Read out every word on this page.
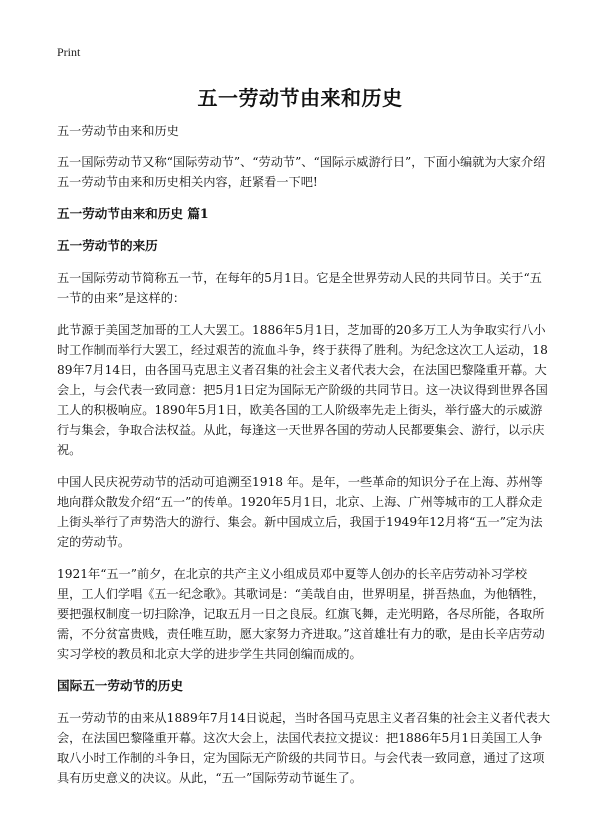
Print
五一劳动节由来和历史

五一劳动节由来和历史

五一国际劳动节又称“国际劳动节”、“劳动节”、“国际示威游行日”，下面小编就为大家介绍五一劳动节由来和历史相关内容，赶紧看一下吧!

五一劳动节由来和历史 篇1
五一劳动节的来历

五一国际劳动节简称五一节，在每年的5月1日。它是全世界劳动人民的共同节日。关于“五一节的由来”是这样的：

此节源于美国芝加哥的工人大罢工。1886年5月1日，芝加哥的20多万工人为争取实行八小时工作制而举行大罢工，经过艰苦的流血斗争，终于获得了胜利。为纪念这次工人运动，1889年7月14日，由各国马克思主义者召集的社会主义者代表大会，在法国巴黎隆重开幕。大会上，与会代表一致同意：把5月1日定为国际无产阶级的共同节日。这一决议得到世界各国工人的积极响应。1890年5月1日，欧美各国的工人阶级率先走上街头，举行盛大的示威游行与集会，争取合法权益。从此，每逢这一天世界各国的劳动人民都要集会、游行，以示庆祝。

中国人民庆祝劳动节的活动可追溯至1918 年。是年，一些革命的知识分子在上海、苏州等地向群众散发介绍“五一”的传单。1920年5月1日，北京、上海、广州等城市的工人群众走上街头举行了声势浩大的游行、集会。新中国成立后，我国于1949年12月将“五一”定为法定的劳动节。

1921年“五一”前夕，在北京的共产主义小组成员邓中夏等人创办的长辛店劳动补习学校里，工人们学唱《五一纪念歌》。其歌词是：“美哉自由，世界明星，拼吾热血，为他牺牲，要把强权制度一切扫除净，记取五月一日之良辰。红旗飞舞，走光明路，各尽所能，各取所需，不分贫富贵贱，责任唯互助，愿大家努力齐进取。”这首雄壮有力的歌，是由长辛店劳动实习学校的教员和北京大学的进步学生共同创编而成的。

国际五一劳动节的历史

五一劳动节的由来从1889年7月14日说起，当时各国马克思主义者召集的社会主义者代表大会，在法国巴黎隆重开幕。这次大会上，法国代表拉文提议：把1886年5月1日美国工人争取八小时工作制的斗争日，定为国际无产阶级的共同节日。与会代表一致同意，通过了这项具有历史意义的决议。从此，“五一”国际劳动节诞生了。
